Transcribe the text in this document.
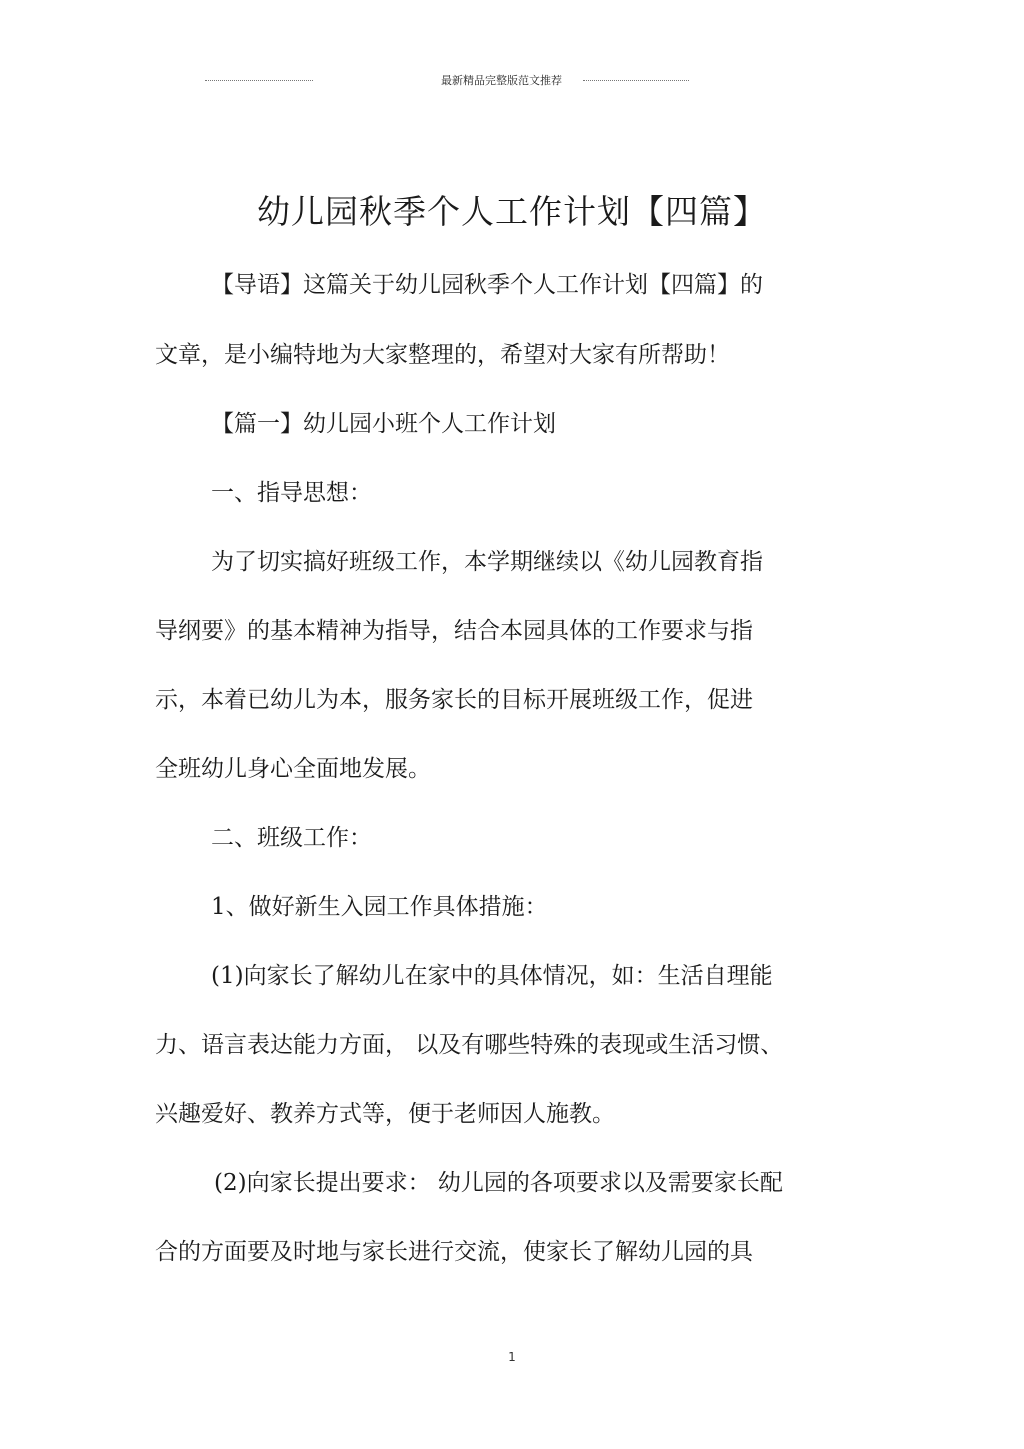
最新精品完整版范文推荐
幼儿园秋季个人工作计划【四篇】
【导语】这篇关于幼儿园秋季个人工作计划【四篇】的
文章，是小编特地为大家整理的，希望对大家有所帮助！
【篇一】幼儿园小班个人工作计划
一、指导思想：
为了切实搞好班级工作，本学期继续以《幼儿园教育指
导纲要》的基本精神为指导，结合本园具体的工作要求与指
示，本着已幼儿为本，服务家长的目标开展班级工作，促进
全班幼儿身心全面地发展。
二、班级工作：
1、做好新生入园工作具体措施：
(1)向家长了解幼儿在家中的具体情况，如：生活自理能
力、语言表达能力方面， 以及有哪些特殊的表现或生活习惯、
兴趣爱好、教养方式等，便于老师因人施教。
(2)向家长提出要求： 幼儿园的各项要求以及需要家长配
合的方面要及时地与家长进行交流，使家长了解幼儿园的具
1
